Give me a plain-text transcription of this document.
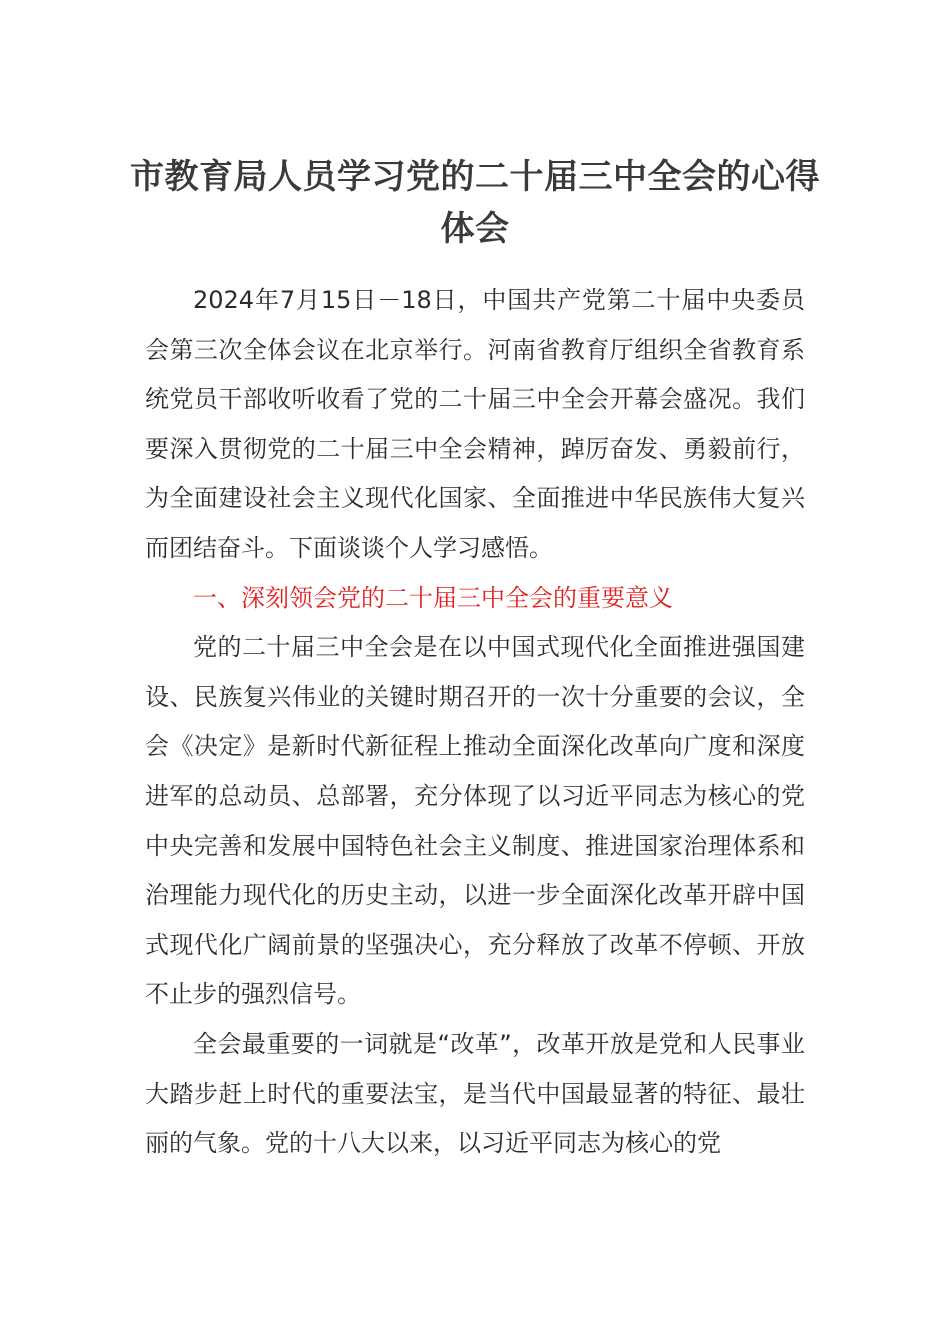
市教育局人员学习党的二十届三中全会的心得体会

2024年7月15日－18日，中国共产党第二十届中央委员会第三次全体会议在北京举行。河南省教育厅组织全省教育系统党员干部收听收看了党的二十届三中全会开幕会盛况。我们要深入贯彻党的二十届三中全会精神，踔厉奋发、勇毅前行，为全面建设社会主义现代化国家、全面推进中华民族伟大复兴而团结奋斗。下面谈谈个人学习感悟。

一、深刻领会党的二十届三中全会的重要意义

党的二十届三中全会是在以中国式现代化全面推进强国建设、民族复兴伟业的关键时期召开的一次十分重要的会议，全会《决定》是新时代新征程上推动全面深化改革向广度和深度进军的总动员、总部署，充分体现了以习近平同志为核心的党中央完善和发展中国特色社会主义制度、推进国家治理体系和治理能力现代化的历史主动，以进一步全面深化改革开辟中国式现代化广阔前景的坚强决心，充分释放了改革不停顿、开放不止步的强烈信号。

全会最重要的一词就是“改革”，改革开放是党和人民事业大踏步赶上时代的重要法宝，是当代中国最显著的特征、最壮丽的气象。党的十八大以来，以习近平同志为核心的党
